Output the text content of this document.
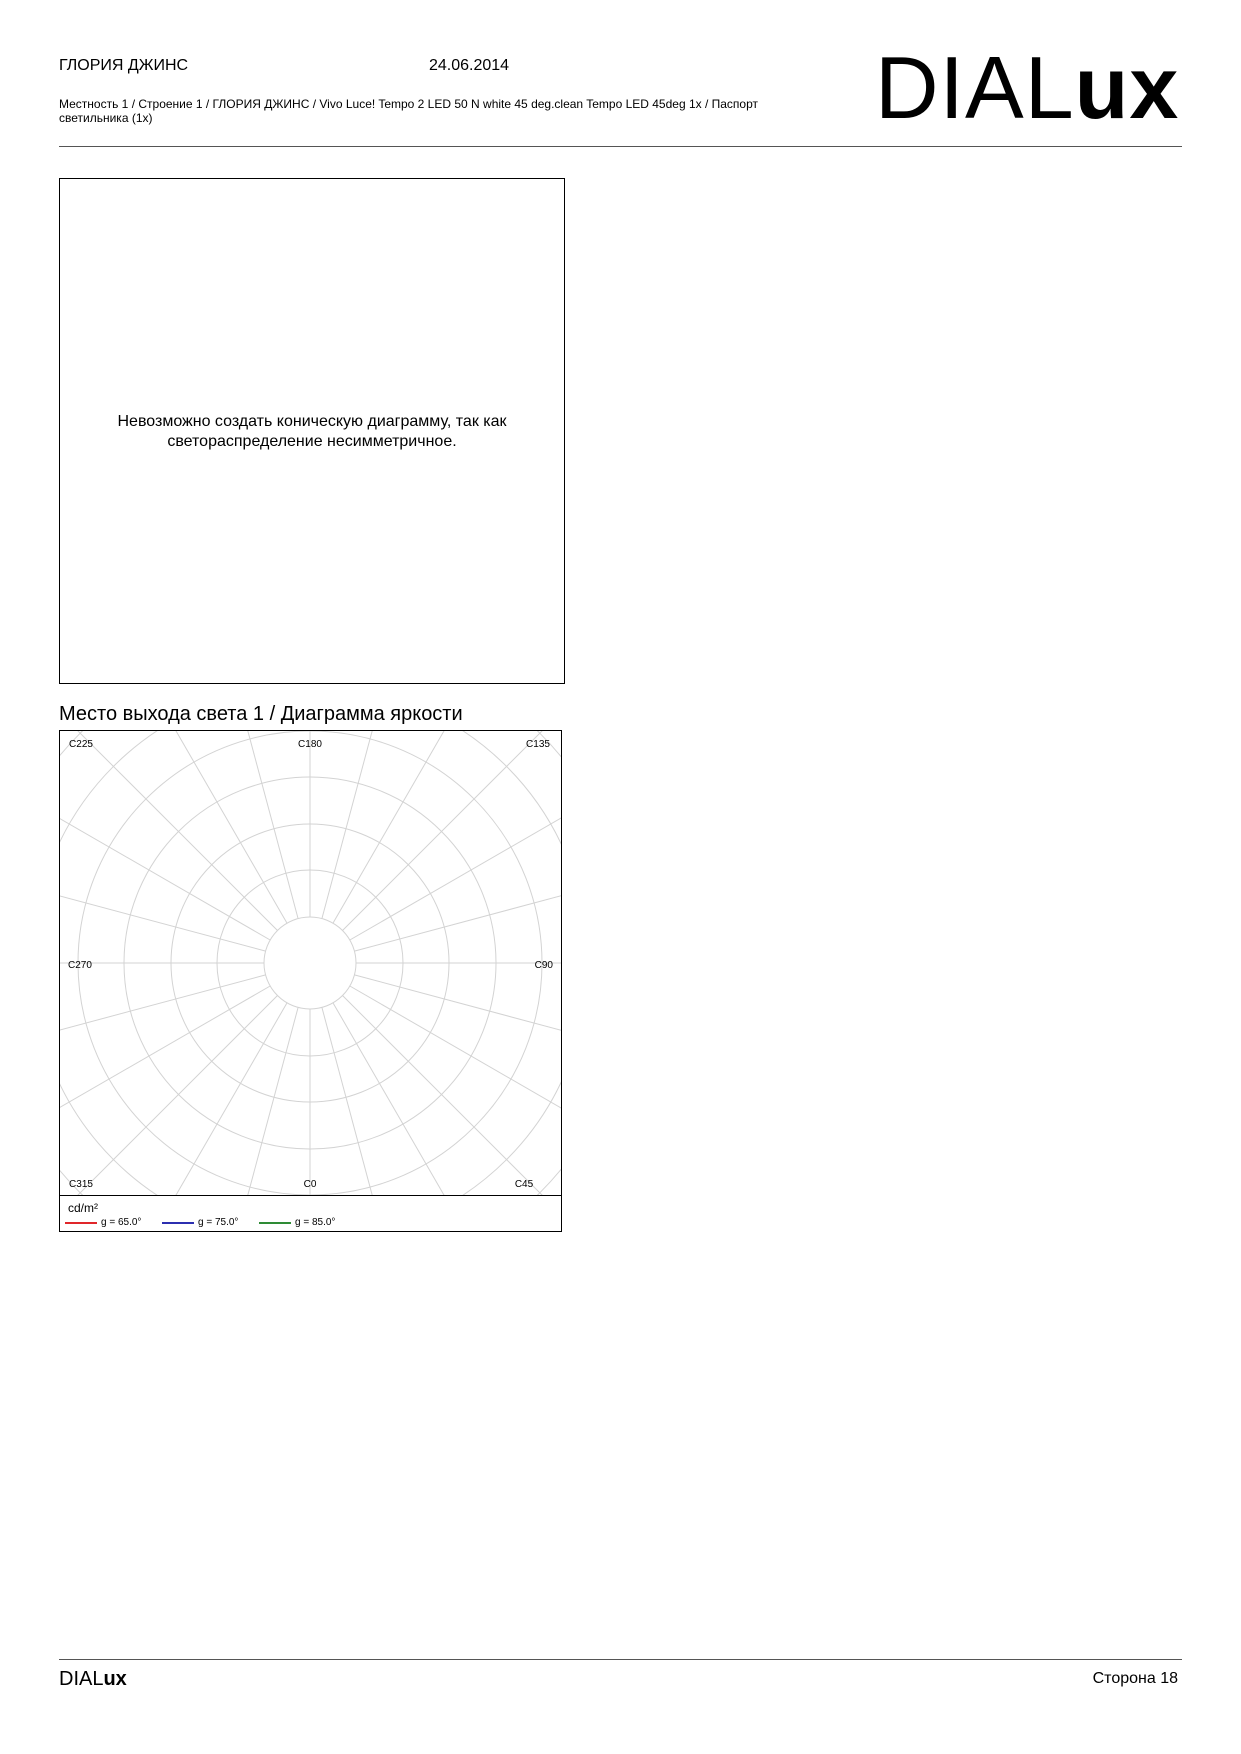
ГЛОРИЯ ДЖИНС	24.06.2014
Местность 1 / Строение 1 / ГЛОРИЯ ДЖИНС / Vivo Luce! Tempo 2 LED 50 N white 45 deg.clean Tempo LED 45deg 1x / Паспорт светильника (1x)	DIALux
Невозможно создать коническую диаграмму, так как
светораспределение несимметричное.
Место выхода света 1 / Диаграмма яркости
C225	C180	C135
C270	C90
C315	C0	C45
cd/m²
g = 65.0°	g = 75.0°	g = 85.0°
DIALux	Сторона 18
